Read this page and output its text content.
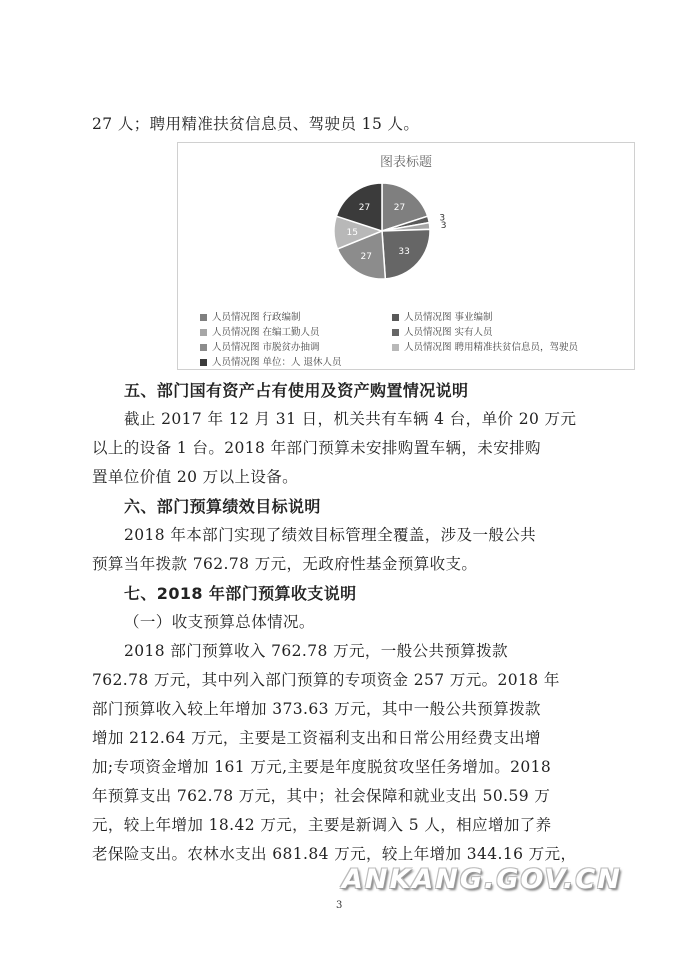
27 人；聘用精准扶贫信息员、驾驶员 15 人。
图表标题
27
3
3
33
27
15
27
人员情况图 行政编制	人员情况图 事业编制
人员情况图 在编工勤人员	人员情况图 实有人员
人员情况图 市脱贫办抽调	人员情况图 聘用精准扶贫信息员，驾驶员
人员情况图 单位：人 退休人员
五、部门国有资产占有使用及资产购置情况说明
截止 2017 年 12 月 31 日，机关共有车辆 4 台，单价 20 万元
以上的设备 1 台。2018 年部门预算未安排购置车辆，未安排购
置单位价值 20 万以上设备。
六、部门预算绩效目标说明
2018 年本部门实现了绩效目标管理全覆盖，涉及一般公共
预算当年拨款 762.78 万元，无政府性基金预算收支。
七、2018 年部门预算收支说明
（一）收支预算总体情况。
2018 部门预算收入 762.78 万元，一般公共预算拨款
762.78 万元，其中列入部门预算的专项资金 257 万元。2018 年
部门预算收入较上年增加 373.63 万元，其中一般公共预算拨款
增加 212.64 万元，主要是工资福利支出和日常公用经费支出增
加;专项资金增加 161 万元,主要是年度脱贫攻坚任务增加。2018
年预算支出 762.78 万元，其中；社会保障和就业支出 50.59 万
元，较上年增加 18.42 万元，主要是新调入 5 人，相应增加了养
老保险支出。农林水支出 681.84 万元，较上年增加 344.16 万元，
ANKANG.GOV.CN
3
